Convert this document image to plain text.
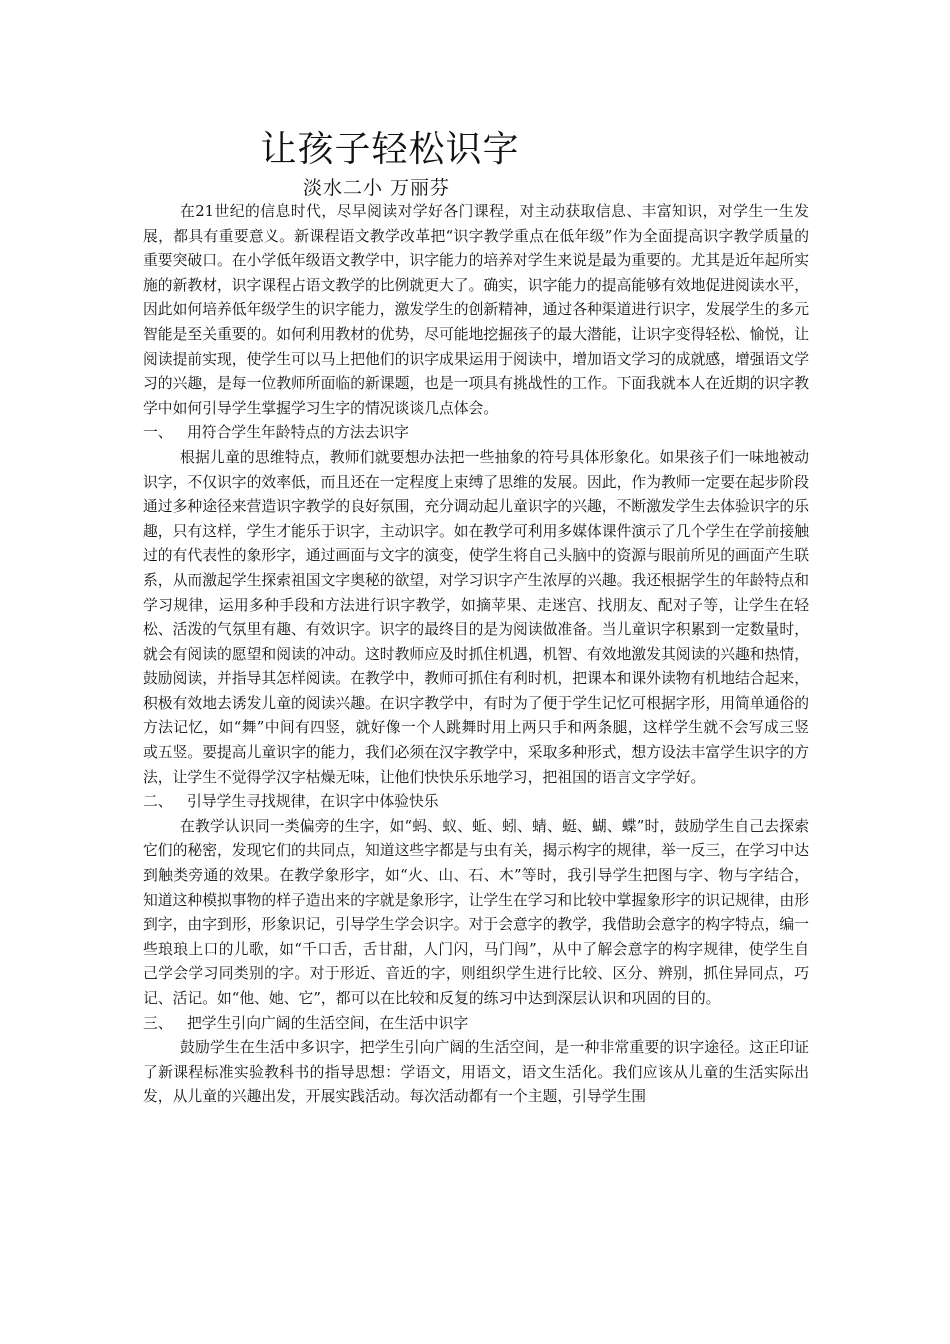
让孩子轻松识字
淡水二小 万丽芬

在21世纪的信息时代，尽早阅读对学好各门课程，对主动获取信息、丰富知识，对学生一生发展，都具有重要意义。新课程语文教学改革把“识字教学重点在低年级”作为全面提高识字教学质量的重要突破口。在小学低年级语文教学中，识字能力的培养对学生来说是最为重要的。尤其是近年起所实施的新教材，识字课程占语文教学的比例就更大了。确实，识字能力的提高能够有效地促进阅读水平，因此如何培养低年级学生的识字能力，激发学生的创新精神，通过各种渠道进行识字，发展学生的多元智能是至关重要的。如何利用教材的优势，尽可能地挖掘孩子的最大潜能，让识字变得轻松、愉悦，让阅读提前实现，使学生可以马上把他们的识字成果运用于阅读中，增加语文学习的成就感，增强语文学习的兴趣，是每一位教师所面临的新课题，也是一项具有挑战性的工作。下面我就本人在近期的识字教学中如何引导学生掌握学习生字的情况谈谈几点体会。

一、 用符合学生年龄特点的方法去识字

根据儿童的思维特点，教师们就要想办法把一些抽象的符号具体形象化。如果孩子们一味地被动识字，不仅识字的效率低，而且还在一定程度上束缚了思维的发展。因此，作为教师一定要在起步阶段通过多种途径来营造识字教学的良好氛围，充分调动起儿童识字的兴趣，不断激发学生去体验识字的乐趣，只有这样，学生才能乐于识字，主动识字。如在教学可利用多媒体课件演示了几个学生在学前接触过的有代表性的象形字，通过画面与文字的演变，使学生将自己头脑中的资源与眼前所见的画面产生联系，从而激起学生探索祖国文字奥秘的欲望，对学习识字产生浓厚的兴趣。我还根据学生的年龄特点和学习规律，运用多种手段和方法进行识字教学，如摘苹果、走迷宫、找朋友、配对子等，让学生在轻松、活泼的气氛里有趣、有效识字。识字的最终目的是为阅读做准备。当儿童识字积累到一定数量时，就会有阅读的愿望和阅读的冲动。这时教师应及时抓住机遇，机智、有效地激发其阅读的兴趣和热情，鼓励阅读，并指导其怎样阅读。在教学中，教师可抓住有利时机，把课本和课外读物有机地结合起来，积极有效地去诱发儿童的阅读兴趣。在识字教学中，有时为了便于学生记忆可根据字形，用简单通俗的方法记忆，如“舞”中间有四竖，就好像一个人跳舞时用上两只手和两条腿，这样学生就不会写成三竖或五竖。要提高儿童识字的能力，我们必须在汉字教学中，采取多种形式，想方设法丰富学生识字的方法，让学生不觉得学汉字枯燥无味，让他们快快乐乐地学习，把祖国的语言文字学好。

二、 引导学生寻找规律，在识字中体验快乐

在教学认识同一类偏旁的生字，如“蚂、蚁、蚯、蚓、蜻、蜓、蝴、蝶”时，鼓励学生自己去探索它们的秘密，发现它们的共同点，知道这些字都是与虫有关，揭示构字的规律，举一反三，在学习中达到触类旁通的效果。在教学象形字，如“火、山、石、木”等时，我引导学生把图与字、物与字结合，知道这种模拟事物的样子造出来的字就是象形字，让学生在学习和比较中掌握象形字的识记规律，由形到字，由字到形，形象识记，引导学生学会识字。对于会意字的教学，我借助会意字的构字特点，编一些琅琅上口的儿歌，如“千口舌，舌甘甜，人门闪，马门闯”，从中了解会意字的构字规律，使学生自己学会学习同类别的字。对于形近、音近的字，则组织学生进行比较、区分、辨别，抓住异同点，巧记、活记。如“他、她、它”，都可以在比较和反复的练习中达到深层认识和巩固的目的。

三、 把学生引向广阔的生活空间，在生活中识字

鼓励学生在生活中多识字，把学生引向广阔的生活空间，是一种非常重要的识字途径。这正印证了新课程标准实验教科书的指导思想：学语文，用语文，语文生活化。我们应该从儿童的生活实际出发，从儿童的兴趣出发，开展实践活动。每次活动都有一个主题，引导学生围
